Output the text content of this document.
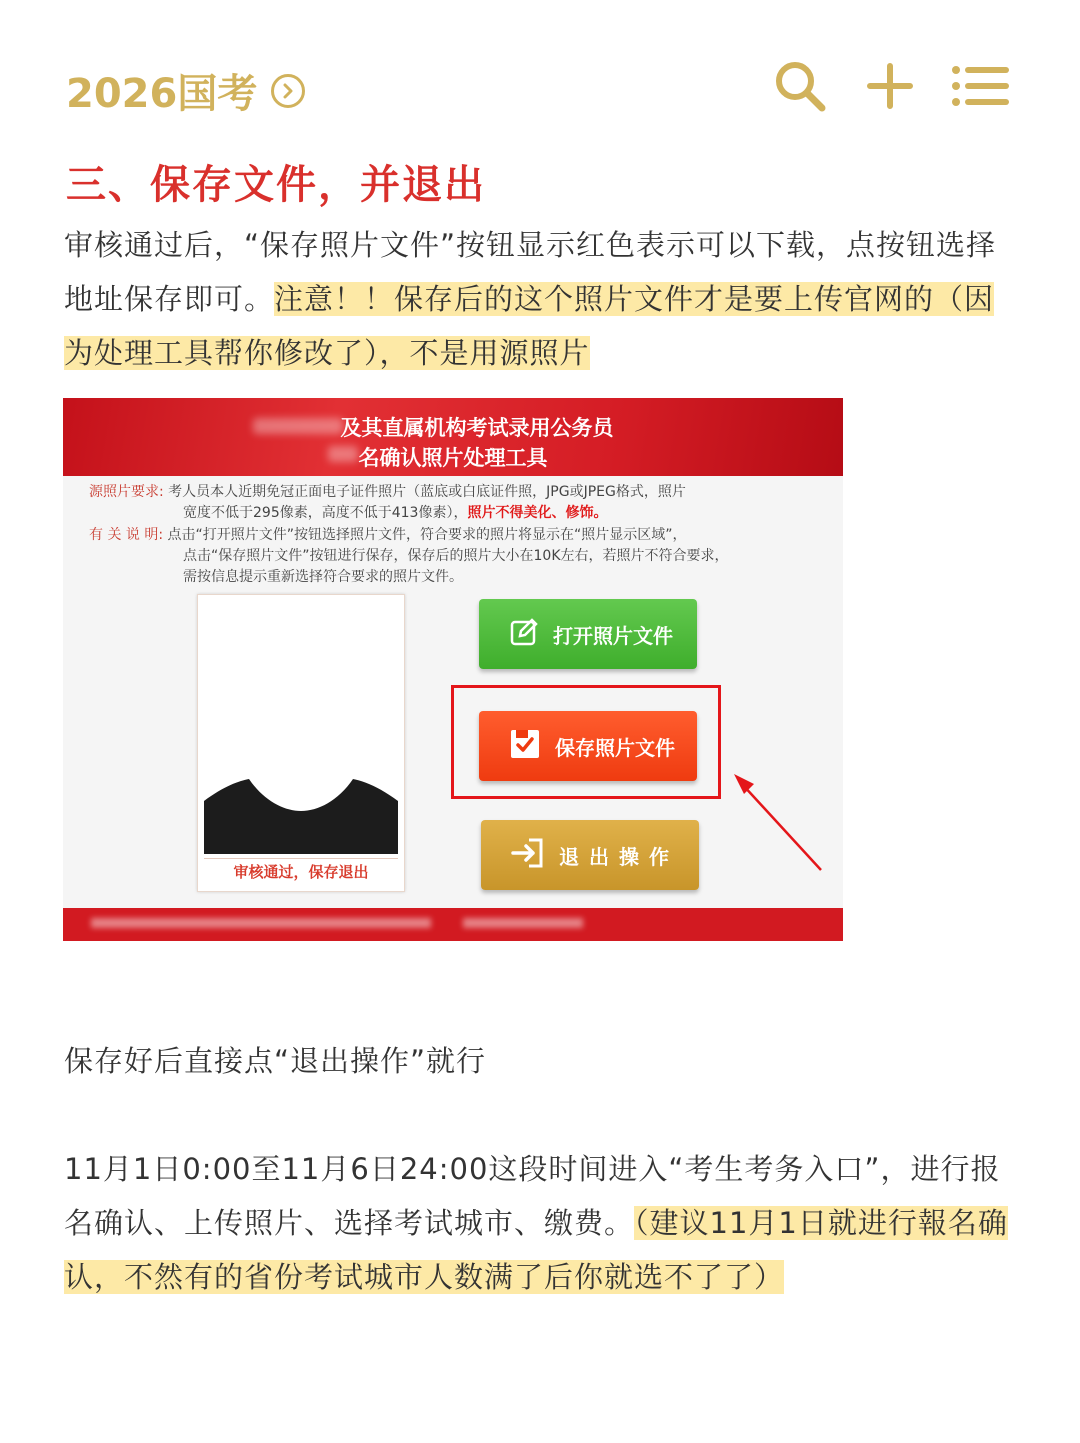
2026国考
三、保存文件，并退出
审核通过后，“保存照片文件”按钮显示红色表示可以下载，点按钮选择地址保存即可。注意！！保存后的这个照片文件才是要上传官网的（因为处理工具帮你修改了），不是用源照片
及其直属机构考试录用公务员
名确认照片处理工具
源照片要求: 考人员本人近期免冠正面电子证件照片（蓝底或白底证件照，JPG或JPEG格式，照片
宽度不低于295像素，高度不低于413像素），照片不得美化、修饰。
有 关 说 明: 点击“打开照片文件”按钮选择照片文件，符合要求的照片将显示在“照片显示区域”，
点击“保存照片文件”按钮进行保存，保存后的照片大小在10K左右，若照片不符合要求，
需按信息提示重新选择符合要求的照片文件。
审核通过，保存退出
打开照片文件
保存照片文件
退出操作
保存好后直接点“退出操作”就行
11月1日0:00至11月6日24:00这段时间进入“考生考务入口”，进行报名确认、上传照片、选择考试城市、缴费。（建议11月1日就进行報名确认，不然有的省份考试城市人数满了后你就选不了了）
